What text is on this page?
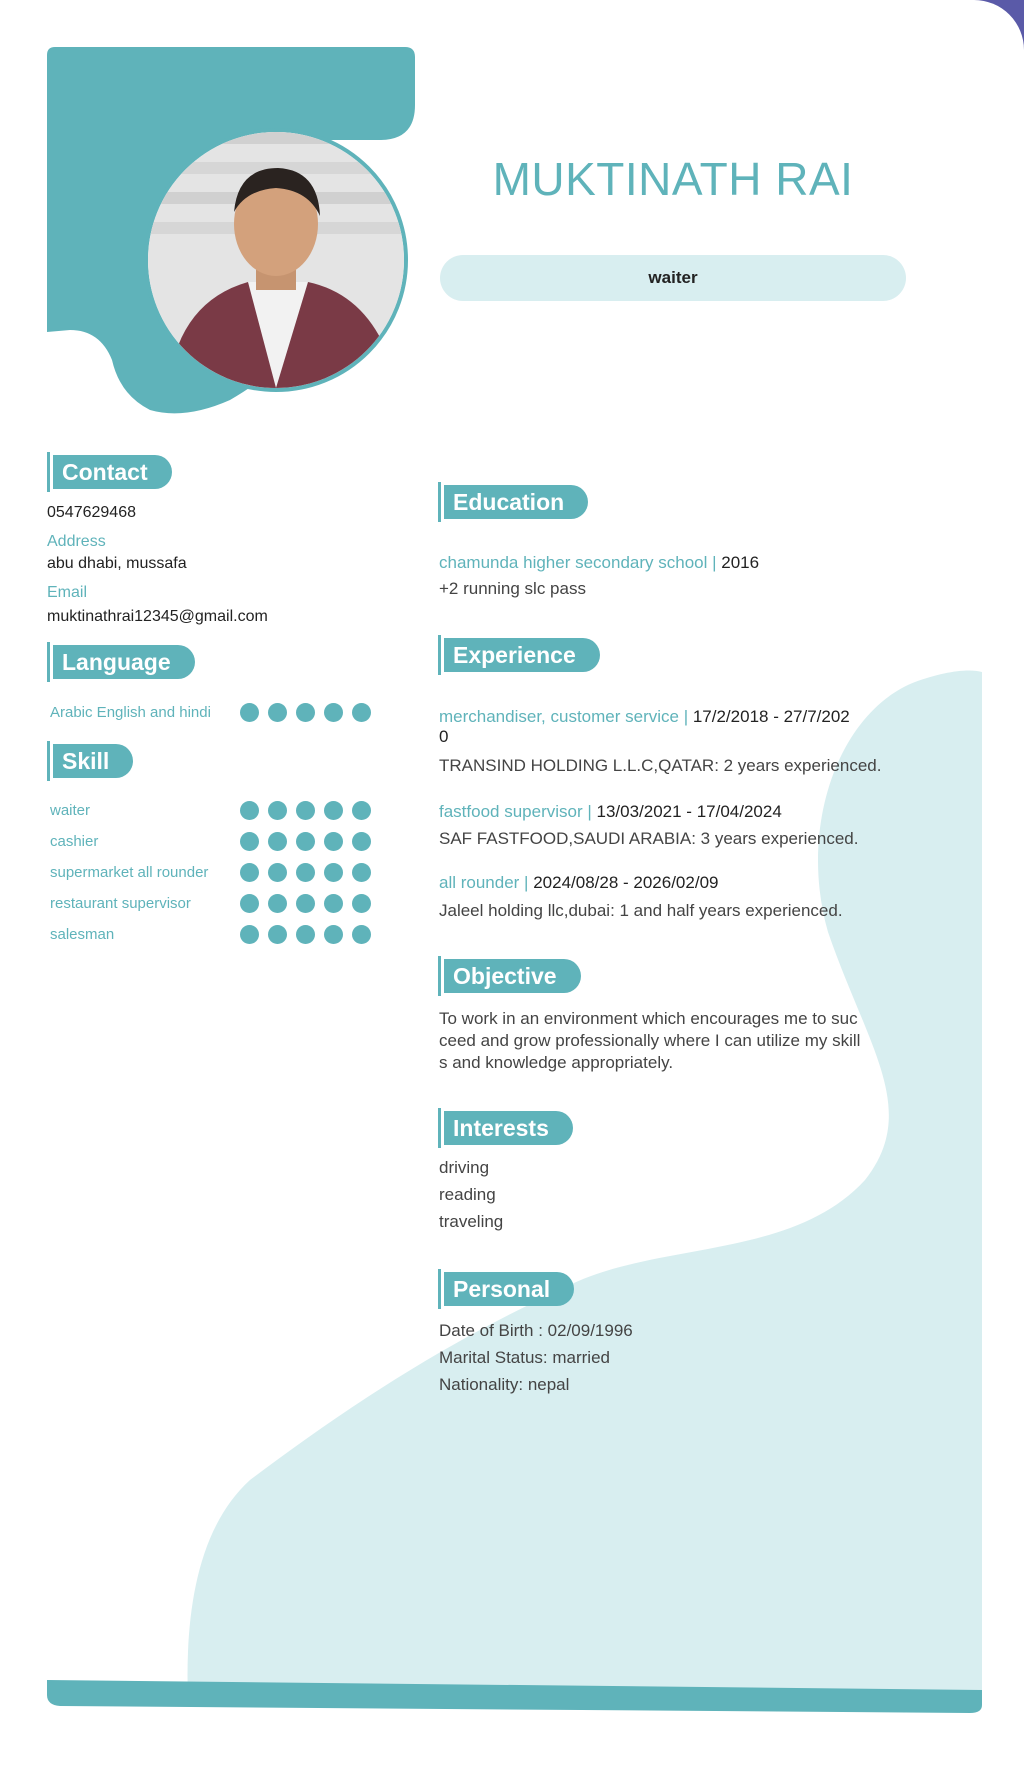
MUKTINATH RAI
waiter
Contact
0547629468
Address
abu dhabi, mussafa
Email
muktinathrai12345@gmail.com
Language
Arabic English and hindi
Skill
waiter
cashier
supermarket all rounder
restaurant supervisor
salesman
Education
chamunda higher secondary school | 2016
+2 running slc pass
Experience
merchandiser, customer service | 17/2/2018 - 27/7/202
0
TRANSIND HOLDING L.L.C,QATAR: 2 years experienced.
fastfood supervisor | 13/03/2021 - 17/04/2024
SAF FASTFOOD,SAUDI ARABIA: 3 years experienced.
all rounder | 2024/08/28 - 2026/02/09
Jaleel holding llc,dubai: 1 and half years experienced.
Objective
To work in an environment which encourages me to suc
ceed and grow professionally where I can utilize my skill
s and knowledge appropriately.
Interests
driving
reading
traveling
Personal
Date of Birth : 02/09/1996
Marital Status: married
Nationality: nepal
